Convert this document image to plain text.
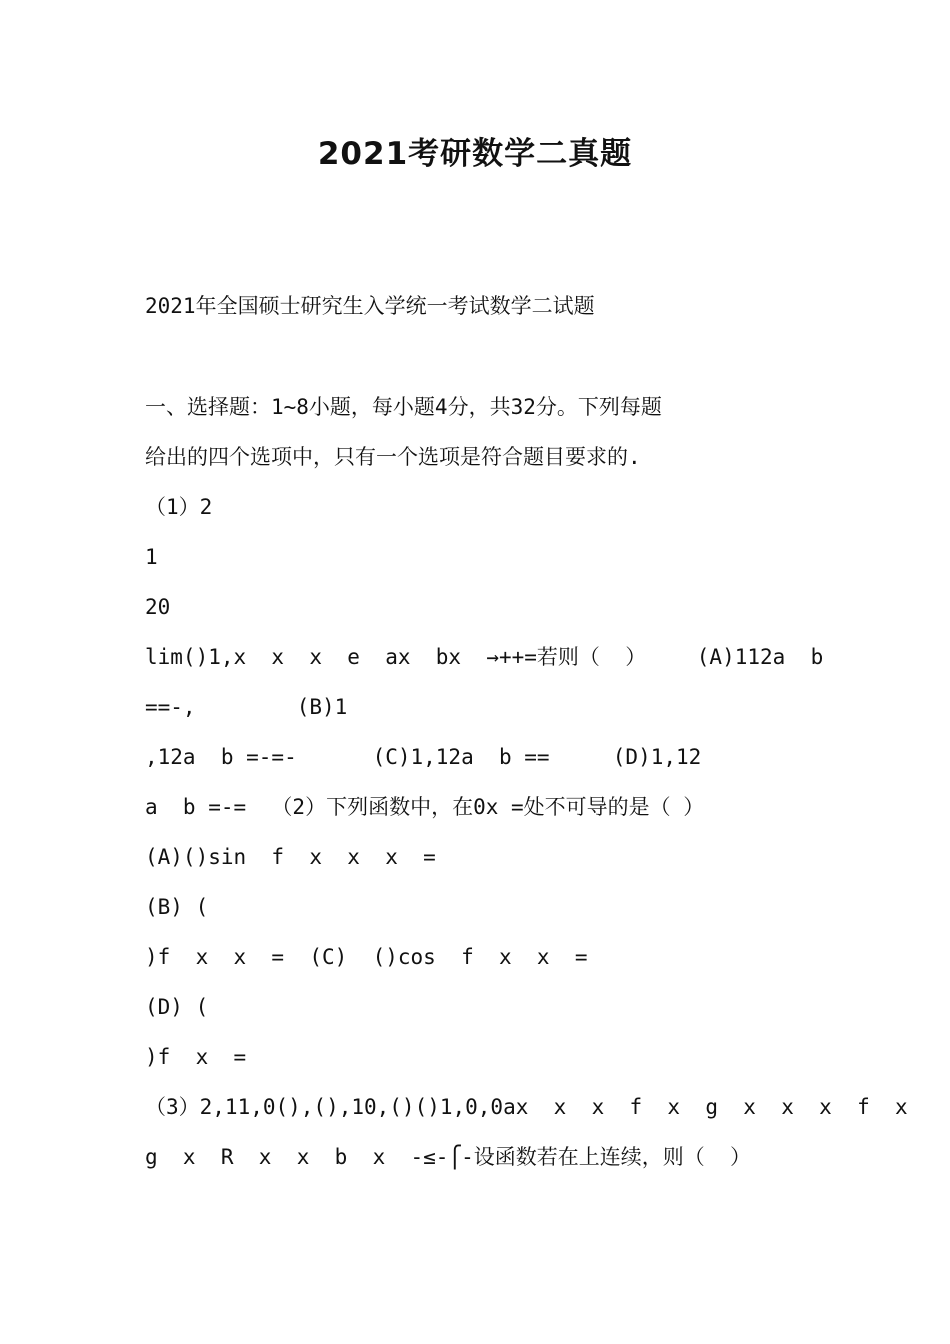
2021考研数学二真题

2021年全国硕士研究生入学统一考试数学二试题

一、选择题：1~8小题，每小题4分，共32分。下列每题

给出的四个选项中，只有一个选项是符合题目要求的.

（1）2

1

20

lim()1,x  x  x  e  ax  bx  →++=若则（  ）    (A)112a  b

==-,        (B)1

,12a  b =-=-      (C)1,12a  b ==     (D)1,12

a  b =-=  （2）下列函数中，在0x =处不可导的是（ ）

(A)()sin  f  x  x  x  =

(B) (

)f  x  x  =  (C)  ()cos  f  x  x  =

(D) (

)f  x  =

（3）2,11,0(),(),10,()()1,0,0ax  x  x  f  x  g  x  x  x  f  x

g  x  R  x  x  b  x  -≤-⎧-设函数若在上连续，则（  ）
